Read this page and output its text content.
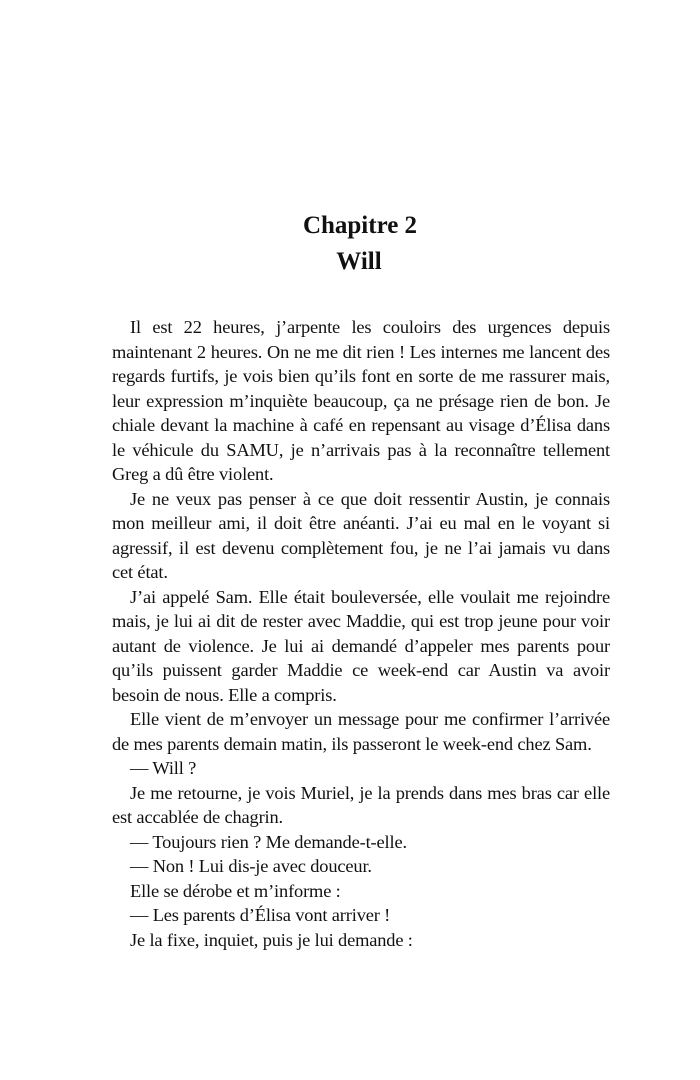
Chapitre 2
Will

Il est 22 heures, j’arpente les couloirs des urgences depuis maintenant 2 heures. On ne me dit rien ! Les internes me lancent des regards furtifs, je vois bien qu’ils font en sorte de me rassurer mais, leur expression m’inquiète beaucoup, ça ne présage rien de bon. Je chiale devant la machine à café en repensant au visage d’Élisa dans le véhicule du SAMU, je n’arrivais pas à la reconnaître tellement Greg a dû être violent.

Je ne veux pas penser à ce que doit ressentir Austin, je connais mon meilleur ami, il doit être anéanti. J’ai eu mal en le voyant si agressif, il est devenu complètement fou, je ne l’ai jamais vu dans cet état.

J’ai appelé Sam. Elle était bouleversée, elle voulait me rejoindre mais, je lui ai dit de rester avec Maddie, qui est trop jeune pour voir autant de violence. Je lui ai demandé d’appeler mes parents pour qu’ils puissent garder Maddie ce week-end car Austin va avoir besoin de nous. Elle a compris.

Elle vient de m’envoyer un message pour me confirmer l’arrivée de mes parents demain matin, ils passeront le week-end chez Sam.

— Will ?

Je me retourne, je vois Muriel, je la prends dans mes bras car elle est accablée de chagrin.

— Toujours rien ? Me demande-t-elle.

— Non ! Lui dis-je avec douceur.

Elle se dérobe et m’informe :

— Les parents d’Élisa vont arriver !

Je la fixe, inquiet, puis je lui demande :
